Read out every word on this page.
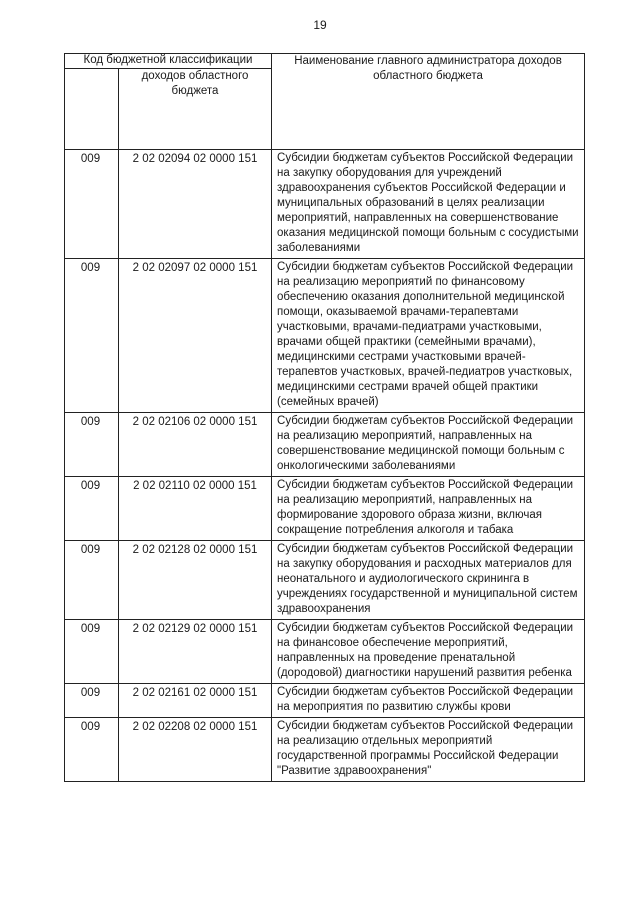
19
Код бюджетной классификации		Наименование главного администратора доходов областного бюджета

	доходов областного бюджета	

009	2 02 02094 02 0000 151	Субсидии бюджетам субъектов Российской Федерации на закупку оборудования для учреждений здравоохранения субъектов Российской Федерации и муниципальных образований в целях реализации мероприятий, направленных на совершенствование оказания медицинской помощи больным с сосудистыми заболеваниями
009	2 02 02097 02 0000 151	Субсидии бюджетам субъектов Российской Федерации на реализацию мероприятий по финансовому обеспечению оказания дополнительной медицинской помощи, оказываемой врачами-терапевтами участковыми, врачами-педиатрами участковыми, врачами общей практики (семейными врачами), медицинскими сестрами участковыми врачей-терапевтов участковых, врачей-педиатров участковых, медицинскими сестрами врачей общей практики (семейных врачей)
009	2 02 02106 02 0000 151	Субсидии бюджетам субъектов Российской Федерации на реализацию мероприятий, направленных на совершенствование медицинской помощи больным с онкологическими заболеваниями
009	2 02 02110 02 0000 151	Субсидии бюджетам субъектов Российской Федерации на реализацию мероприятий, направленных на формирование здорового образа жизни, включая сокращение потребления алкоголя и табака
009	2 02 02128 02 0000 151	Субсидии бюджетам субъектов Российской Федерации на закупку оборудования и расходных материалов для неонатального и аудиологического скрининга в учреждениях государственной и муниципальной систем здравоохранения
009	2 02 02129 02 0000 151	Субсидии бюджетам субъектов Российской Федерации на финансовое обеспечение мероприятий, направленных на проведение пренатальной (дородовой) диагностики нарушений развития ребенка
009	2 02 02161 02 0000 151	Субсидии бюджетам субъектов Российской Федерации на мероприятия по развитию службы крови
009	2 02 02208 02 0000 151	Субсидии бюджетам субъектов Российской Федерации на реализацию отдельных мероприятий государственной программы Российской Федерации "Развитие здравоохранения"
